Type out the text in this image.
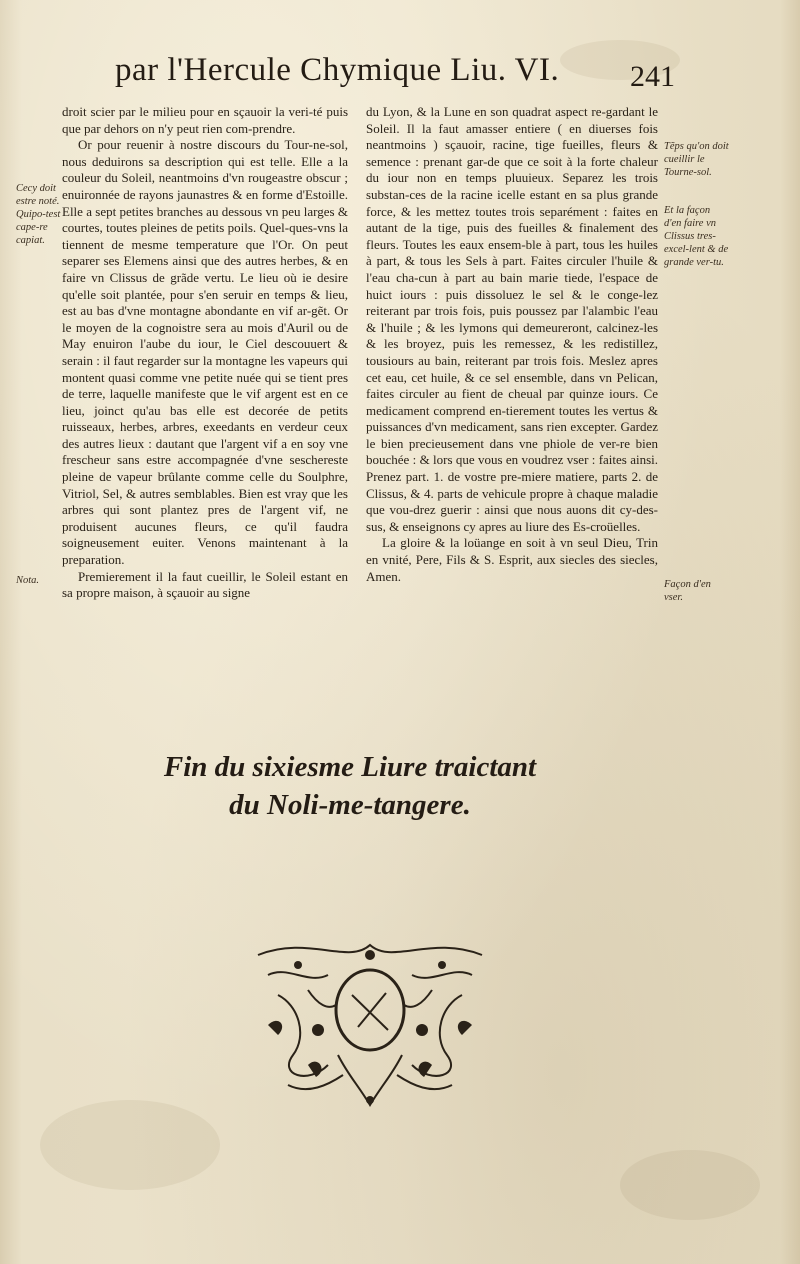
par l'Hercule Chymique Liu. VI. 241

droit scier par le milieu pour en sçauoir la veri-té puis que par dehors on n'y peut rien com-prendre.

Or pour reuenir à nostre discours du Tour-ne-sol, nous deduirons sa description qui est telle. Elle a la couleur du Soleil, neantmoins d'vn rougeastre obscur ; enuironnée de rayons jaunastres & en forme d'Estoille. Elle a sept petites branches au dessous vn peu larges & courtes, toutes pleines de petits poils. Quel-ques-vns la tiennent de mesme temperature que l'Or. On peut separer ses Elemens ainsi que des autres herbes, & en faire vn Clissus de grãde vertu. Le lieu où ie desire qu'elle soit plantée, pour s'en seruir en temps & lieu, est au bas d'vne montagne abondante en vif ar-gẽt. Or le moyen de la cognoistre sera au mois d'Auril ou de May enuiron l'aube du iour, le Ciel descouuert & serain : il faut regarder sur la montagne les vapeurs qui montent quasi comme vne petite nuée qui se tient pres de terre, laquelle manifeste que le vif argent est en ce lieu, joinct qu'au bas elle est decorée de petits ruisseaux, herbes, arbres, exeedants en verdeur ceux des autres lieux : dautant que l'argent vif a en soy vne frescheur sans estre accompagnée d'vne seschereste pleine de vapeur brûlante comme celle du Soulphre, Vitriol, Sel, & autres semblables. Bien est vray que les arbres qui sont plantez pres de l'argent vif, ne produisent aucunes fleurs, ce qu'il faudra soigneusement euiter. Venons maintenant à la preparation.

Premierement il la faut cueillir, le Soleil estant en sa propre maison, à sçauoir au signe

du Lyon, & la Lune en son quadrat aspect re-gardant le Soleil. Il la faut amasser entiere ( en diuerses fois neantmoins ) sçauoir, racine, tige fueilles, fleurs & semence : prenant gar-de que ce soit à la forte chaleur du iour non en temps pluuieux. Separez les trois substan-ces de la racine icelle estant en sa plus grande force, & les mettez toutes trois separément : faites en autant de la tige, puis des fueilles & finalement des fleurs. Toutes les eaux ensem-ble à part, tous les huiles à part, & tous les Sels à part. Faites circuler l'huile & l'eau cha-cun à part au bain marie tiede, l'espace de huict iours : puis dissoluez le sel & le conge-lez reiterant par trois fois, puis poussez par l'alambic l'eau & l'huile ; & les lymons qui demeureront, calcinez-les & les broyez, puis les remessez, & les redistillez, tousiours au bain, reiterant par trois fois. Meslez apres cet eau, cet huile, & ce sel ensemble, dans vn Pelican, faites circuler au fient de cheual par quinze iours. Ce medicament comprend en-tierement toutes les vertus & puissances d'vn medicament, sans rien excepter. Gardez le bien precieusement dans vne phiole de ver-re bien bouchée : & lors que vous en voudrez vser : faites ainsi. Prenez part. 1. de vostre pre-miere matiere, parts 2. de Clissus, & 4. parts de vehicule propre à chaque maladie que vou-drez guerir : ainsi que nous auons dit cy-des-sus, & enseignons cy apres au liure des Es-croüelles.

La gloire & la loüange en soit à vn seul Dieu, Trin en vnité, Pere, Fils & S. Esprit, aux siecles des siecles, Amen.

Cecy doit estre noté. Quipo-test cape-re capiat.
Nota.
Tẽps qu'on doit cueillir le Tourne-sol.
Et la façon d'en faire vn Clissus tres-excel-lent & de grande ver-tu.
Façon d'en vser.
Fin du sixiesme Liure traictant
du Noli-me-tangere.
